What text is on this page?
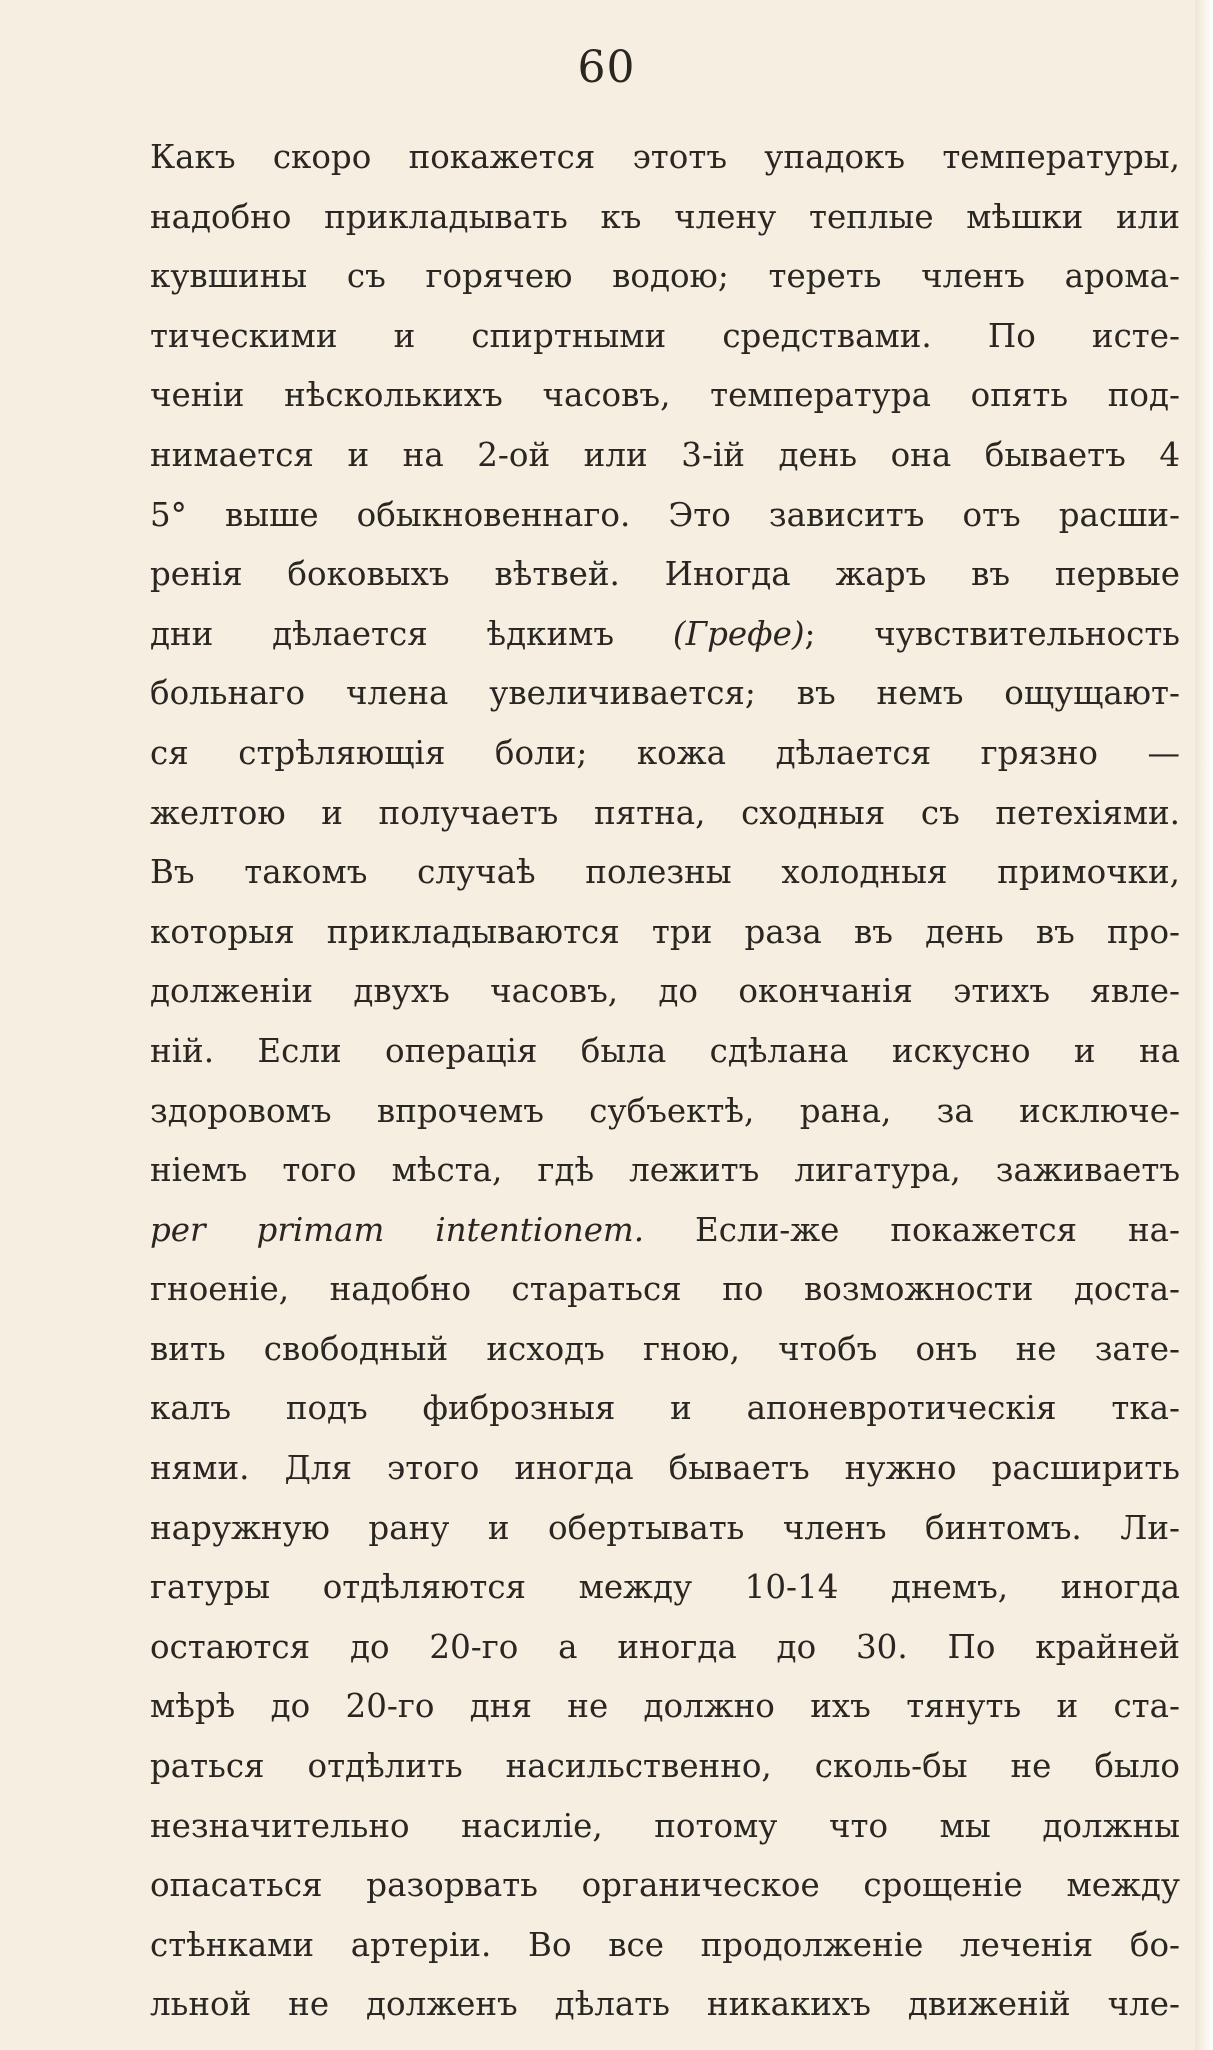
60
Какъ скоро покажется этотъ упадокъ температуры,
надобно прикладывать къ члену теплые мѣшки или
кувшины съ горячею водою; тереть членъ арома-
тическими и спиртными средствами. По исте-
ченіи нѣсколькихъ часовъ, температура опять под-
нимается и на 2-ой или 3-ій день она бываетъ 4
5° выше обыкновеннаго. Это зависитъ отъ расши-
ренія боковыхъ вѣтвей. Иногда жаръ въ первые
дни дѣлается ѣдкимъ (Грефе); чувствительность
больнаго члена увеличивается; въ немъ ощущают-
ся стрѣляющія боли; кожа дѣлается грязно —
желтою и получаетъ пятна, сходныя съ петехіями.
Въ такомъ случаѣ полезны холодныя примочки,
которыя прикладываются три раза въ день въ про-
долженіи двухъ часовъ, до окончанія этихъ явле-
ній. Если операція была сдѣлана искусно и на
здоровомъ впрочемъ субъектѣ, рана, за исключе-
ніемъ того мѣста, гдѣ лежитъ лигатура, заживаетъ
per primam intentionem. Если-же покажется на-
гноеніе, надобно стараться по возможности доста-
вить свободный исходъ гною, чтобъ онъ не зате-
калъ подъ фиброзныя и апоневротическія тка-
нями. Для этого иногда бываетъ нужно расширить
наружную рану и обертывать членъ бинтомъ. Ли-
гатуры отдѣляются между 10-14 днемъ, иногда
остаются до 20-го а иногда до 30. По крайней
мѣрѣ до 20-го дня не должно ихъ тянуть и ста-
раться отдѣлить насильственно, сколь-бы не было
незначительно насиліе, потому что мы должны
опасаться разорвать органическое срощеніе между
стѣнками артеріи. Во все продолженіе леченія бо-
льной не долженъ дѣлать никакихъ движеній чле-
